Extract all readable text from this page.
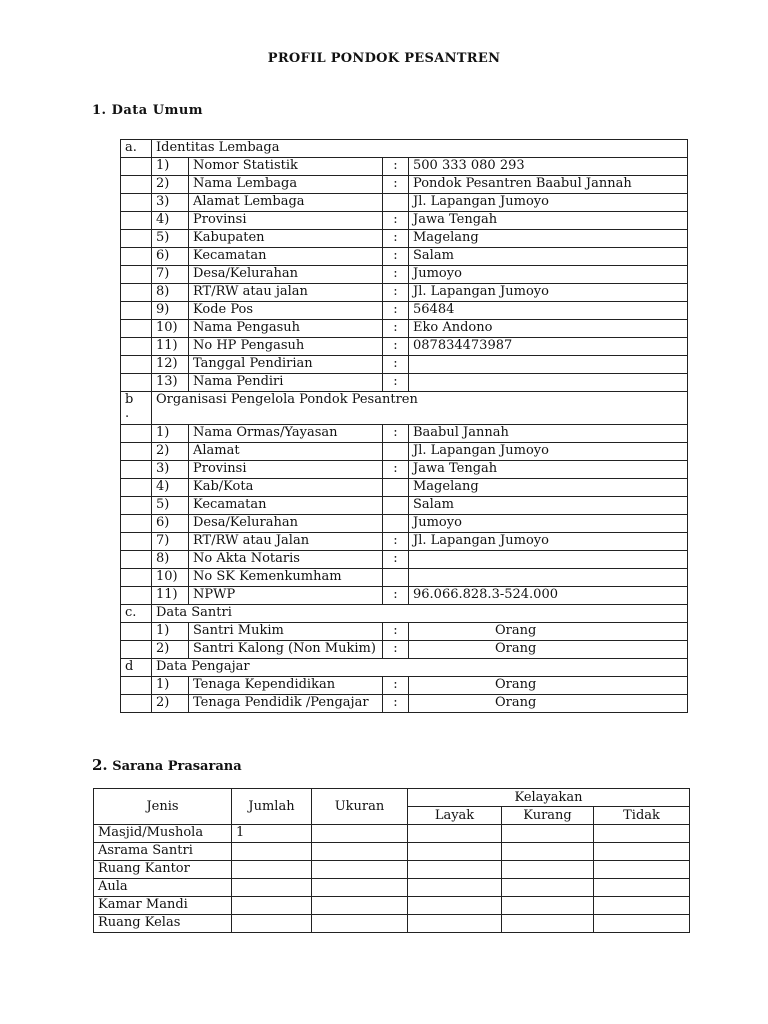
PROFIL PONDOK PESANTREN
1. Data Umum
a.	Identitas Lembaga			
	1)	Nomor Statistik	:	500 333 080 293
	2)	Nama Lembaga	:	Pondok Pesantren Baabul Jannah
	3)	Alamat Lembaga		Jl. Lapangan Jumoyo
	4)	Provinsi	:	Jawa Tengah
	5)	Kabupaten	:	Magelang
	6)	Kecamatan	:	Salam
	7)	Desa/Kelurahan	:	Jumoyo
	8)	RT/RW atau jalan	:	Jl. Lapangan Jumoyo
	9)	Kode Pos	:	56484
	10)	Nama Pengasuh	:	Eko Andono
	11)	No HP Pengasuh	:	087834473987
	12)	Tanggal Pendirian	:	
	13)	Nama Pendiri	:	
b
.	Organisasi Pengelola Pondok Pesantren			
	1)	Nama Ormas/Yayasan	:	Baabul Jannah
	2)	Alamat		Jl. Lapangan Jumoyo
	3)	Provinsi	:	Jawa Tengah
	4)	Kab/Kota		Magelang
	5)	Kecamatan		Salam
	6)	Desa/Kelurahan		Jumoyo
	7)	RT/RW atau Jalan	:	Jl. Lapangan Jumoyo
	8)	No Akta Notaris	:	
	10)	No SK Kemenkumham		
	11)	NPWP	:	96.066.828.3-524.000
c.	Data Santri			
	1)	Santri Mukim	:	Orang
	2)	Santri Kalong (Non Mukim)	:	Orang
d	Data Pengajar			
	1)	Tenaga Kependidikan	:	Orang
	2)	Tenaga Pendidik /Pengajar	:	Orang
2. Sarana Prasarana
Jenis	Jumlah	Ukuran	Kelayakan		
			Layak	Kurang	Tidak
Masjid/Mushola	1				
Asrama Santri					
Ruang Kantor					
Aula					
Kamar Mandi					
Ruang Kelas					
